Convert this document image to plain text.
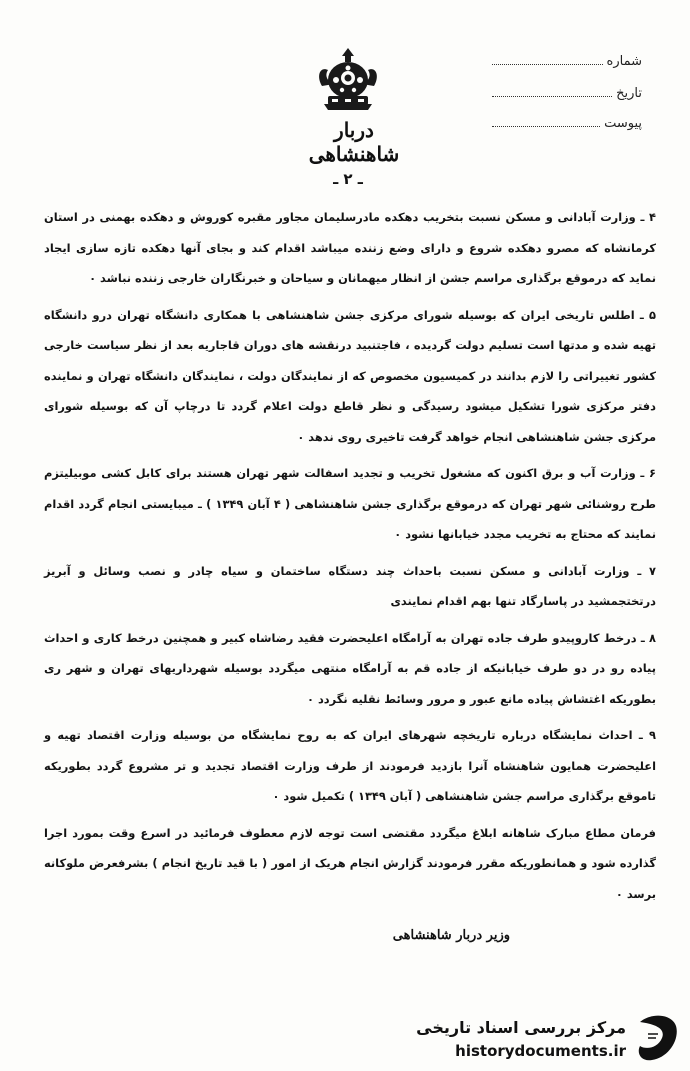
دربار شاهنشاهی
شماره
تاریخ
پیوست
ـ ۲ ـ

۴ ـ وزارت آبادانی و مسکن نسبت بتخریب دهکده مادرسلیمان مجاور مقبره کوروش و دهکده بهمنی در استان کرمانشاه که مصرو دهکده شروع و دارای وضع زننده میباشد اقدام کند و بجای آنها دهکده تازه سازی ایجاد نماید که درموقع برگذاری مراسم جشن از انظار میهمانان و سیاحان و خبرنگاران خارجی زننده نباشد ۰

۵ ـ اطلس تاریخی ایران که بوسیله شورای مرکزی جشن شاهنشاهی با همکاری دانشگاه تهران درو دانشگاه تهیه شده و مدتها است تسلیم دولت گردیده ، فاجتنبید درنقشه های دوران قاجاریه بعد از نظر سیاست خارجی کشور تغییراتی را لازم بدانند در کمیسیون مخصوص که از نمایندگان دولت ، نمایندگان دانشگاه تهران و نماینده دفتر مرکزی شورا تشکیل میشود رسیدگی و نظر قاطع دولت اعلام گردد تا درچاپ آن که بوسیله شورای مرکزی جشن شاهنشاهی انجام خواهد گرفت تاخیری روی ندهد ۰

۶ ـ وزارت آب و برق اکنون که مشغول تخریب و تجدید اسفالت شهر تهران هستند برای کابل کشی موبیلیتزم طرح روشنائی شهر تهران که درموقع برگذاری جشن شاهنشاهی ( ۴ آبان ۱۳۴۹ ) ـ میبایستی انجام گردد اقدام نمایند که محتاج به تخریب مجدد خیابانها نشود ۰

۷ ـ وزارت آبادانی و مسکن نسبت باحداث چند دستگاه ساختمان و سیاه چادر و نصب وسائل و آبریز درتختجمشید در پاسارگاد تنها بهم اقدام نمایندی

۸ ـ درخط کاروپیدو طرف جاده تهران به آرامگاه اعلیحضرت فقید رضاشاه کبیر و همچنین درخط کاری و احداث پیاده رو در دو طرف خیابانیکه از جاده قم به آرامگاه منتهی میگردد بوسیله شهرداریهای تهران و شهر ری بطوریکه اغتشاش پیاده مانع عبور و مرور وسائط نقلیه نگردد ۰

۹ ـ احداث نمایشگاه درباره تاریخچه شهرهای ایران که به روح نمایشگاه من بوسیله وزارت اقتصاد تهیه و اعلیحضرت همایون شاهنشاه آنرا بازدید فرمودند از طرف وزارت اقتصاد تجدید و تر مشروع گردد بطوریکه تاموقع برگذاری مراسم جشن شاهنشاهی ( آبان ۱۳۴۹ ) تکمیل شود ۰

فرمان مطاع مبارک شاهانه ابلاغ میگردد مقتضی است توجه لازم معطوف فرمائید در اسرع وقت بمورد اجرا گذارده شود و همانطوریکه مقرر فرمودند گزارش انجام هریک از امور ( با قید تاریخ انجام ) بشرفعرض ملوکانه برسد ۰

وزیر دربار شاهنشاهی
مرکز بررسی اسناد تاریخی
historydocuments.ir
